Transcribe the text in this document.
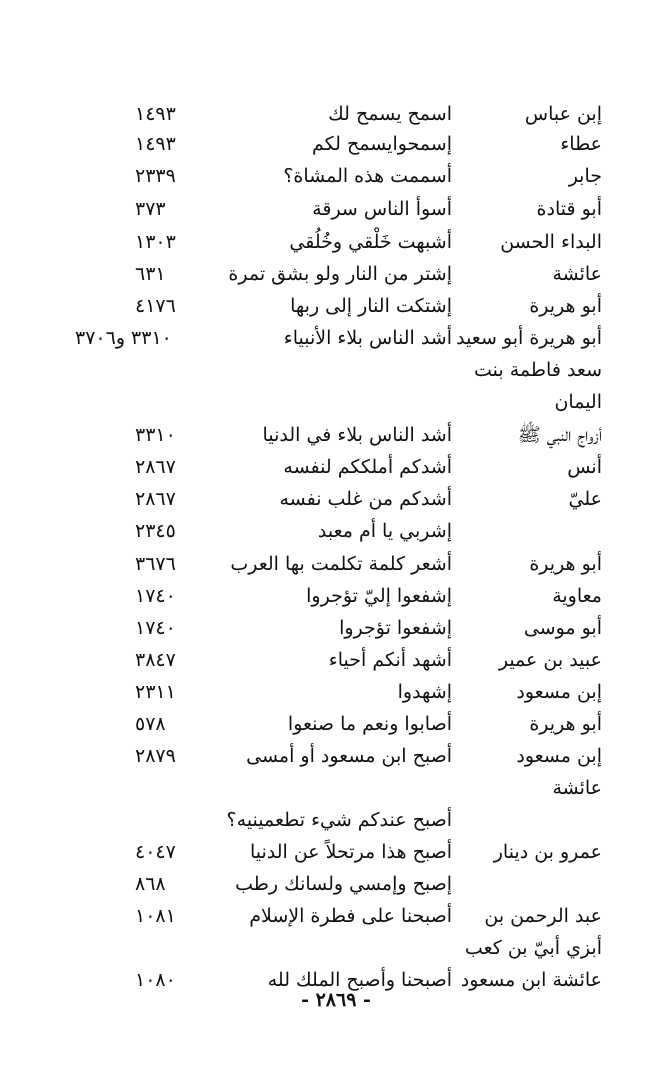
إبن عباس
اسمح يسمح لك
١٤٩٣
عطاء
إسمحوايسمح لكم
١٤٩٣
جابر
أسممت هذه المشاة؟
٢٣٣٩
أبو قتادة
أسوأ الناس سرقة
٣٧٣
البداء الحسن
أشبهت خَلْقي وخُلُقي
١٣٠٣
عائشة
إشتر من النار ولو بشق تمرة
٦٣١
أبو هريرة
إشتكت النار إلى ربها
٤١٧٦
أبو هريرة أبو سعيد
أشد الناس بلاء الأنبياء
٣٣١٠ و٣٧٠٦
سعد فاطمة بنت
اليمان
أزواج النبي ﷺ
أشد الناس بلاء في الدنيا
٣٣١٠
أنس
أشدكم أملككم لنفسه
٢٨٦٧
عليّ
أشدكم من غلب نفسه
٢٨٦٧
إشربي يا أم معبد
٢٣٤٥
أبو هريرة
أشعر كلمة تكلمت بها العرب
٣٦٧٦
معاوية
إشفعوا إليّ تؤجروا
١٧٤٠
أبو موسى
إشفعوا تؤجروا
١٧٤٠
عبيد بن عمير
أشهد أنكم أحياء
٣٨٤٧
إبن مسعود
إشهدوا
٢٣١١
أبو هريرة
أصابوا ونعم ما صنعوا
٥٧٨
إبن مسعود
أصبح ابن مسعود أو أمسى
٢٨٧٩
عائشة
أصبح عندكم شيء تطعمينيه؟
عمرو بن دينار
أصبح هذا مرتحلاً عن الدنيا
٤٠٤٧
إصبح وإمسي ولسانك رطب
٨٦٨
عبد الرحمن بن
أصبحنا على فطرة الإسلام
١٠٨١
أبزي أبيّ بن كعب
عائشة ابن مسعود
أصبحنا وأصبح الملك لله
١٠٨٠
- ٢٨٦٩ -
